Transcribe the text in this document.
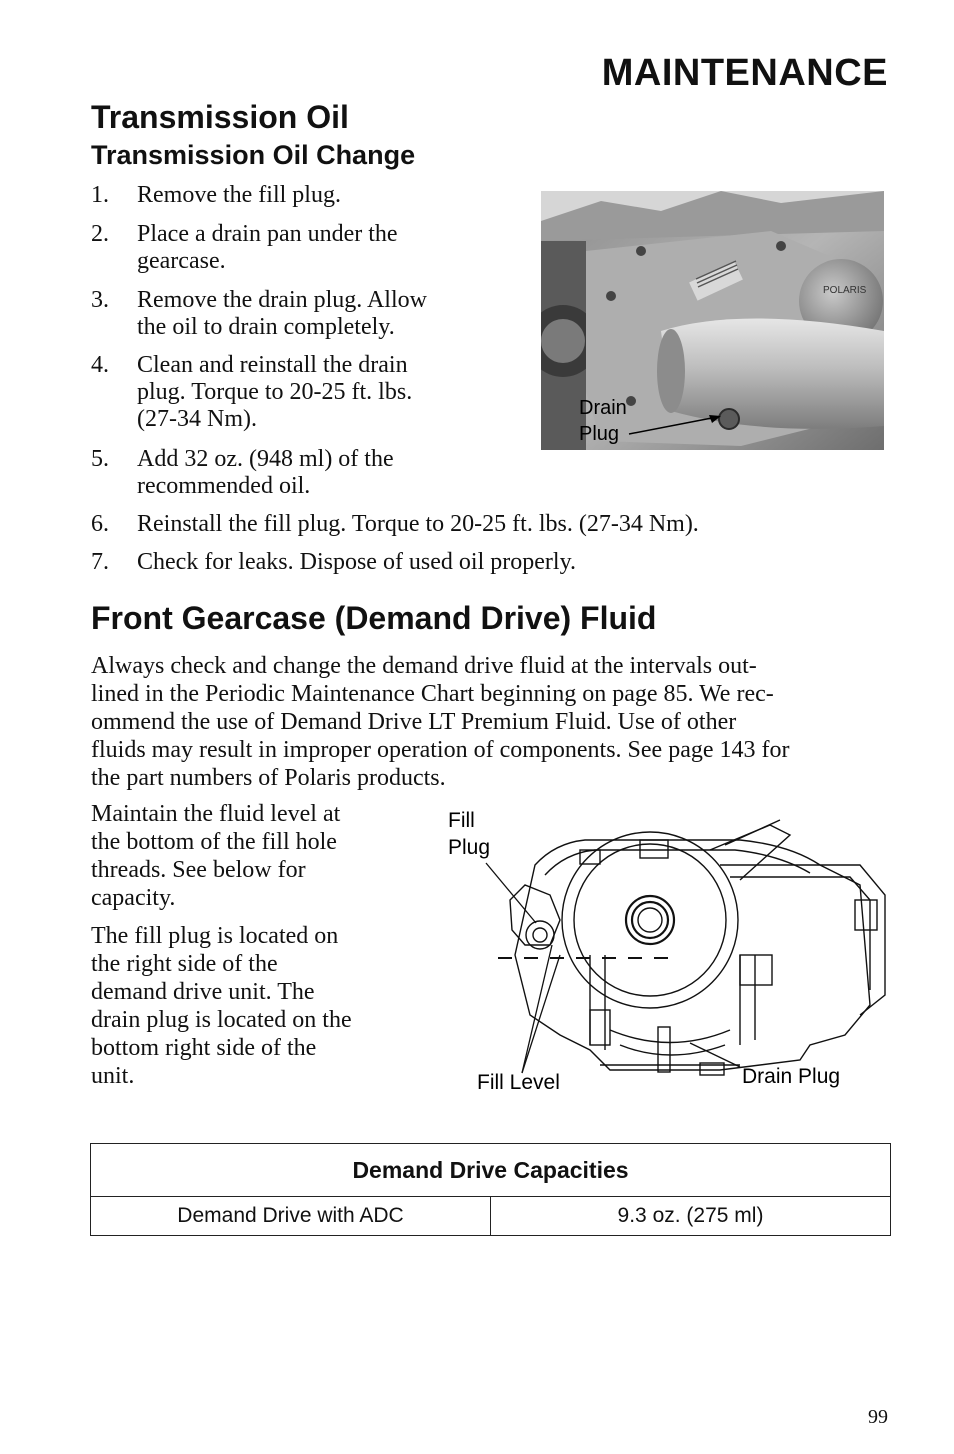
MAINTENANCE
Transmission Oil
Transmission Oil Change
1. Remove the fill plug.
2. Place a drain pan under the
gearcase.
3. Remove the drain plug. Allow
the oil to drain completely.
4. Clean and reinstall the drain
plug. Torque to 20-25 ft. lbs.
(27-34 Nm).
5. Add 32 oz. (948 ml) of the
recommended oil.
6. Reinstall the fill plug. Torque to 20-25 ft. lbs. (27-34 Nm).
7. Check for leaks. Dispose of used oil properly.
POLARIS
Drain
Plug
Front Gearcase (Demand Drive) Fluid
Always check and change the demand drive fluid at the intervals out-
lined in the Periodic Maintenance Chart beginning on page 85. We rec-
ommend the use of Demand Drive LT Premium Fluid. Use of other
fluids may result in improper operation of components. See page 143 for
the part numbers of Polaris products.
Maintain the fluid level at
the bottom of the fill hole
threads. See below for
capacity.
The fill plug is located on
the right side of the
demand drive unit. The
drain plug is located on the
bottom right side of the
unit.
Fill
Plug
Fill Level	Drain Plug
Demand Drive Capacities
Demand Drive with ADC	9.3 oz. (275 ml)
99
